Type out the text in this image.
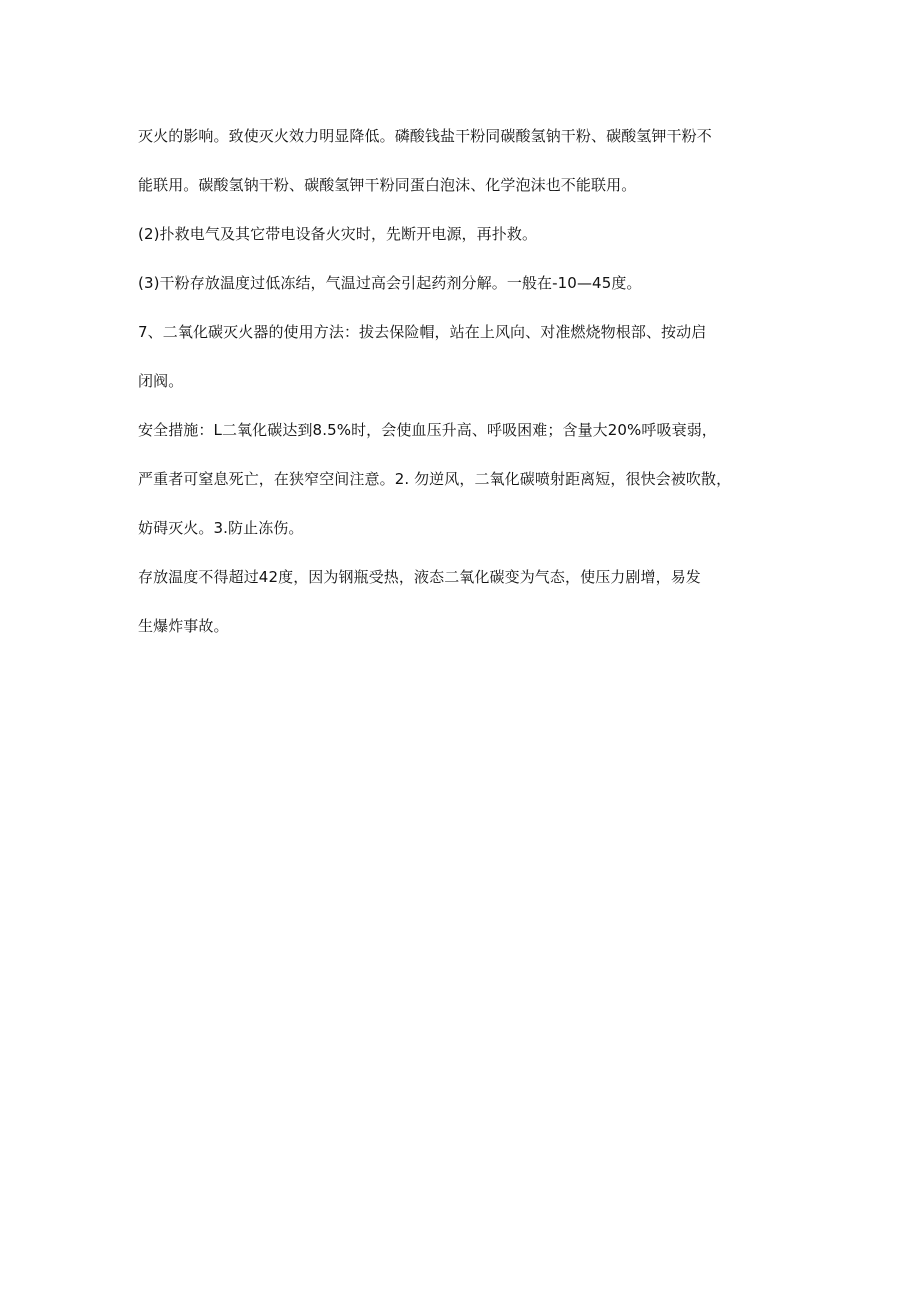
灭火的影响。致使灭火效力明显降低。磷酸钱盐干粉同碳酸氢钠干粉、碳酸氢钾干粉不
能联用。碳酸氢钠干粉、碳酸氢钾干粉同蛋白泡沫、化学泡沫也不能联用。
(2)扑救电气及其它带电设备火灾时，先断开电源，再扑救。
(3)干粉存放温度过低冻结，气温过高会引起药剂分解。一般在-10—45度。
7、二氧化碳灭火器的使用方法：拔去保险帽，站在上风向、对准燃烧物根部、按动启
闭阀。
安全措施：L二氧化碳达到8.5%时，会使血压升高、呼吸困难；含量大20%呼吸衰弱，
严重者可窒息死亡，在狭窄空间注意。2. 勿逆风，二氧化碳喷射距离短，很快会被吹散，
妨碍灭火。3.防止冻伤。
存放温度不得超过42度，因为钢瓶受热，液态二氧化碳变为气态，使压力剧增，易发
生爆炸事故。
